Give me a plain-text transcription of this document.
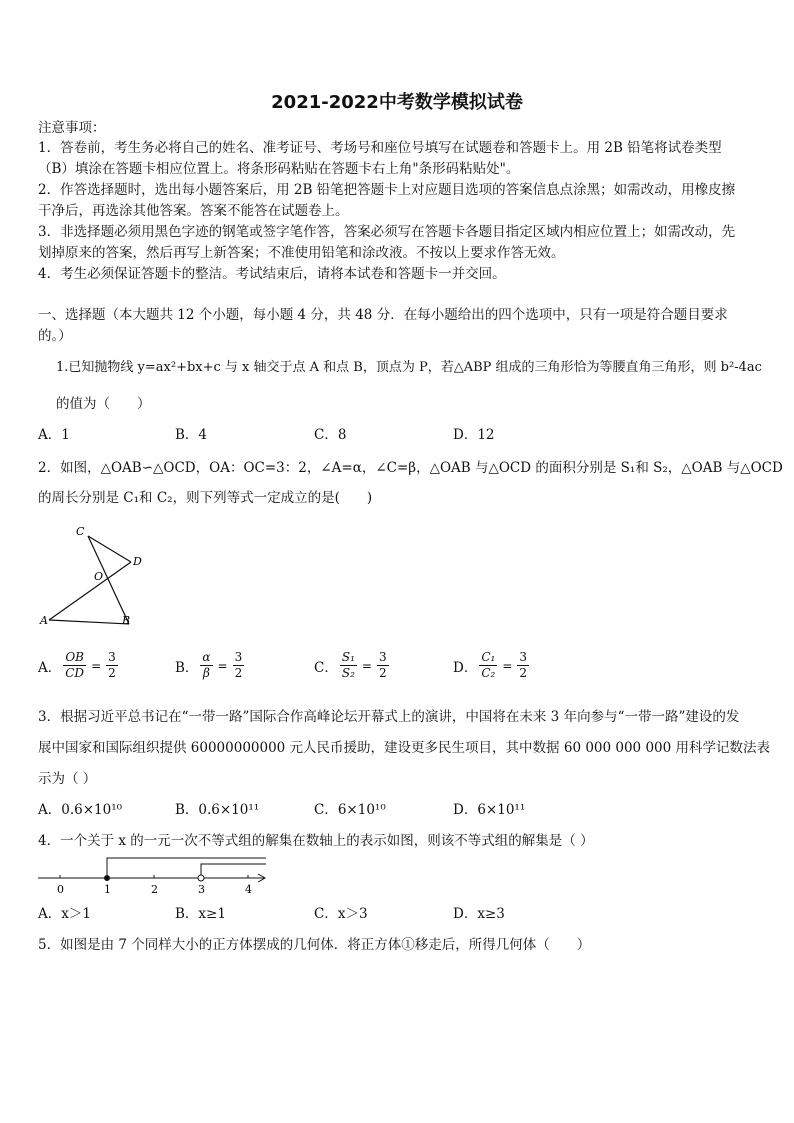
2021-2022中考数学模拟试卷
注意事项：
1．答卷前，考生务必将自己的姓名、准考证号、考场号和座位号填写在试题卷和答题卡上。用 2B 铅笔将试卷类型
（B）填涂在答题卡相应位置上。将条形码粘贴在答题卡右上角"条形码粘贴处"。
2．作答选择题时，选出每小题答案后，用 2B 铅笔把答题卡上对应题目选项的答案信息点涂黑；如需改动，用橡皮擦
干净后，再选涂其他答案。答案不能答在试题卷上。
3．非选择题必须用黑色字迹的钢笔或签字笔作答，答案必须写在答题卡各题目指定区域内相应位置上；如需改动，先
划掉原来的答案，然后再写上新答案；不准使用铅笔和涂改液。不按以上要求作答无效。
4．考生必须保证答题卡的整洁。考试结束后，请将本试卷和答题卡一并交回。
一、选择题（本大题共 12 个小题，每小题 4 分，共 48 分．在每小题给出的四个选项中，只有一项是符合题目要求
的。）
1.已知抛物线 y=ax²+bx+c 与 x 轴交于点 A 和点 B，顶点为 P，若△ABP 组成的三角形恰为等腰直角三角形，则 b²-4ac
的值为（　　）
A．1	B．4	C．8	D．12
2．如图，△OAB∽△OCD，OA：OC=3：2，∠A=α，∠C=β，△OAB 与△OCD 的面积分别是 S₁和 S₂，△OAB 与△OCD
的周长分别是 C₁和 C₂，则下列等式一定成立的是(　　)
C
D
O
A	B
A． $\frac{OB}{CD} = \frac{3}{2}$	B． $\frac{\alpha}{\beta} = \frac{3}{2}$	C． $\frac{\text{S₁}}{\text{S₂}} = \frac{3}{2}$	D． $\frac{\text{C₁}}{\text{C₂}} = \frac{3}{2}$
3．根据习近平总书记在“一带一路”国际合作高峰论坛开幕式上的演讲，中国将在未来 3 年向参与“一带一路”建设的发
展中国家和国际组织提供 60000000000 元人民币援助，建设更多民生项目，其中数据 60 000 000 000 用科学记数法表
示为（ ）
A．0.6×10¹⁰	B．0.6×10¹¹	C．6×10¹⁰	D．6×10¹¹
4．一个关于 x 的一元一次不等式组的解集在数轴上的表示如图，则该不等式组的解集是（ ）
0	1	2	3	4
A．x＞1	B．x≥1	C．x＞3	D．x≥3
5．如图是由 7 个同样大小的正方体摆成的几何体．将正方体①移走后，所得几何体（　　）
